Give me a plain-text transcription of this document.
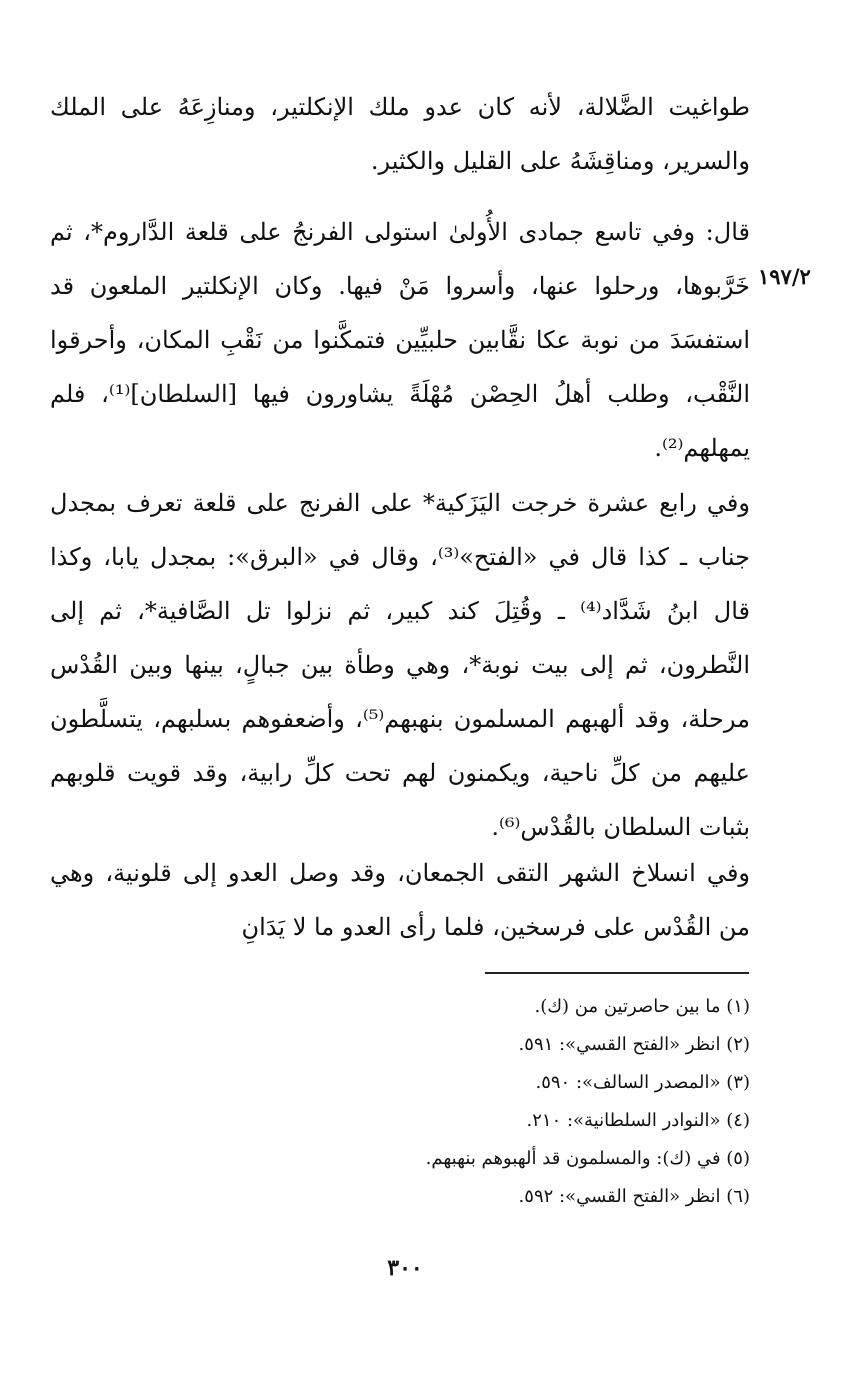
طواغيت الضَّلالة، لأنه كان عدو ملك الإنكلتير، ومنازِعَهُ على الملك والسرير، ومناقِشَهُ على القليل والكثير.

١٩٧/٢

قال: وفي تاسع جمادى الأُولىٰ استولى الفرنجُ على قلعة الدَّاروم*، ثم خَرَّبوها، ورحلوا عنها، وأسروا مَنْ فيها. وكان الإنكلتير الملعون قد استفسَدَ من نوبة عكا نقَّابين حلبيِّين فتمكَّنوا من نَقْبِ المكان، وأحرقوا النَّقْب، وطلب أهلُ الحِصْن مُهْلَةً يشاورون فيها [السلطان]⁽¹⁾، فلم يمهلهم⁽²⁾.

وفي رابع عشرة خرجت اليَزَكية* على الفرنج على قلعة تعرف بمجدل جناب ـ كذا قال في «الفتح»⁽³⁾، وقال في «البرق»: بمجدل يابا، وكذا قال ابنُ شَدَّاد⁽⁴⁾ ـ وقُتِلَ كند كبير، ثم نزلوا تل الصَّافية*، ثم إلى النَّطرون، ثم إلى بيت نوبة*، وهي وطأة بين جبالٍ، بينها وبين القُدْس مرحلة، وقد ألهبهم المسلمون بنهبهم⁽⁵⁾، وأضعفوهم بسلبهم، يتسلَّطون عليهم من كلِّ ناحية، ويكمنون لهم تحت كلِّ رابية، وقد قويت قلوبهم بثبات السلطان بالقُدْس⁽⁶⁾.

وفي انسلاخ الشهر التقى الجمعان، وقد وصل العدو إلى قلونية، وهي من القُدْس على فرسخين، فلما رأى العدو ما لا يَدَانِ

(١) ما بين حاصرتين من (ك).

(٢) انظر «الفتح القسي»: ٥٩١.

(٣) «المصدر السالف»: ٥٩٠.

(٤) «النوادر السلطانية»: ٢١٠.

(٥) في (ك): والمسلمون قد ألهبوهم بنهبهم.

(٦) انظر «الفتح القسي»: ٥٩٢.

٣٠٠
